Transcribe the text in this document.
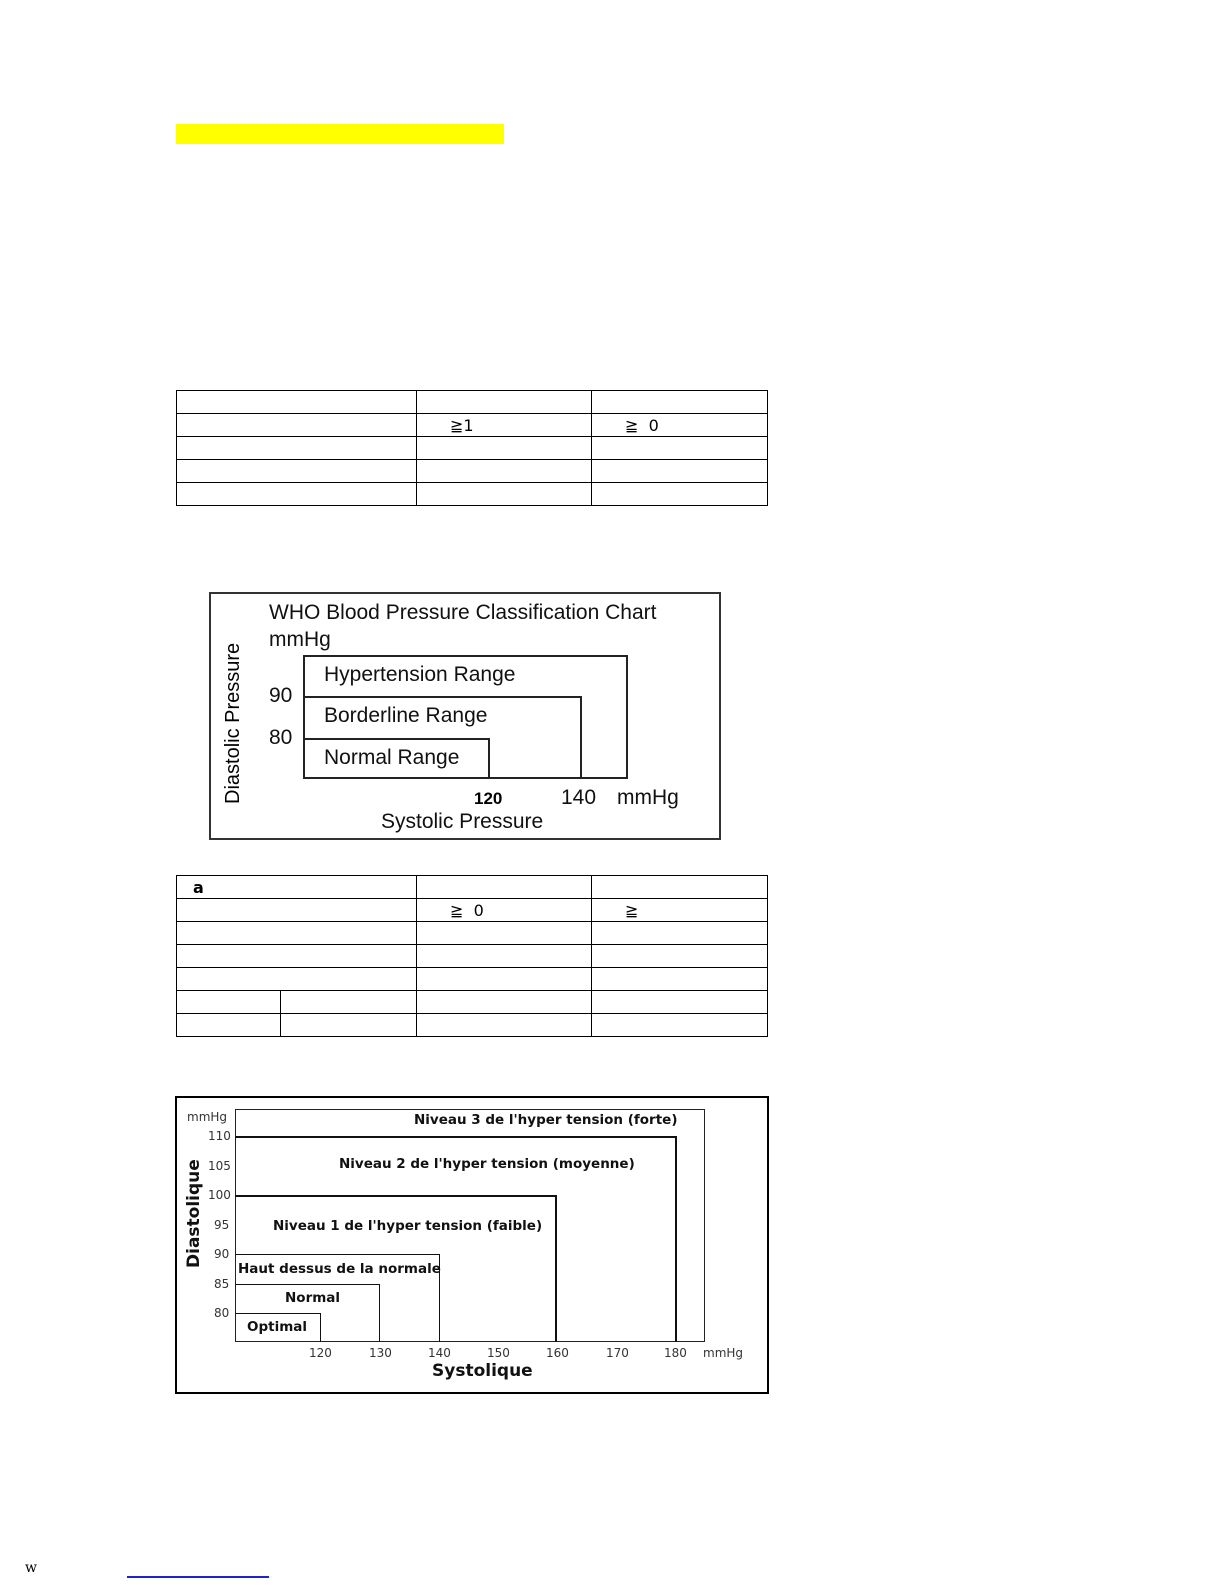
	≧1	≧  0

WHO Blood Pressure Classification Chart
mmHg
Diastolic Pressure	Hypertension Range
Borderline Range
Normal Range
90
80
120	140 mmHg
Systolic Pressure
a			
		≧  0	≧

mmHg
110
105
100
95
90
85
80
120	130	140	150	160	170	180 mmHg
Niveau 3 de l'hyper tension (forte)
Niveau 2 de l'hyper tension (moyenne)
Niveau 1 de l'hyper tension (faible)
Haut dessus de la normale
Normal
Optimal
Diastolique
Systolique
w
